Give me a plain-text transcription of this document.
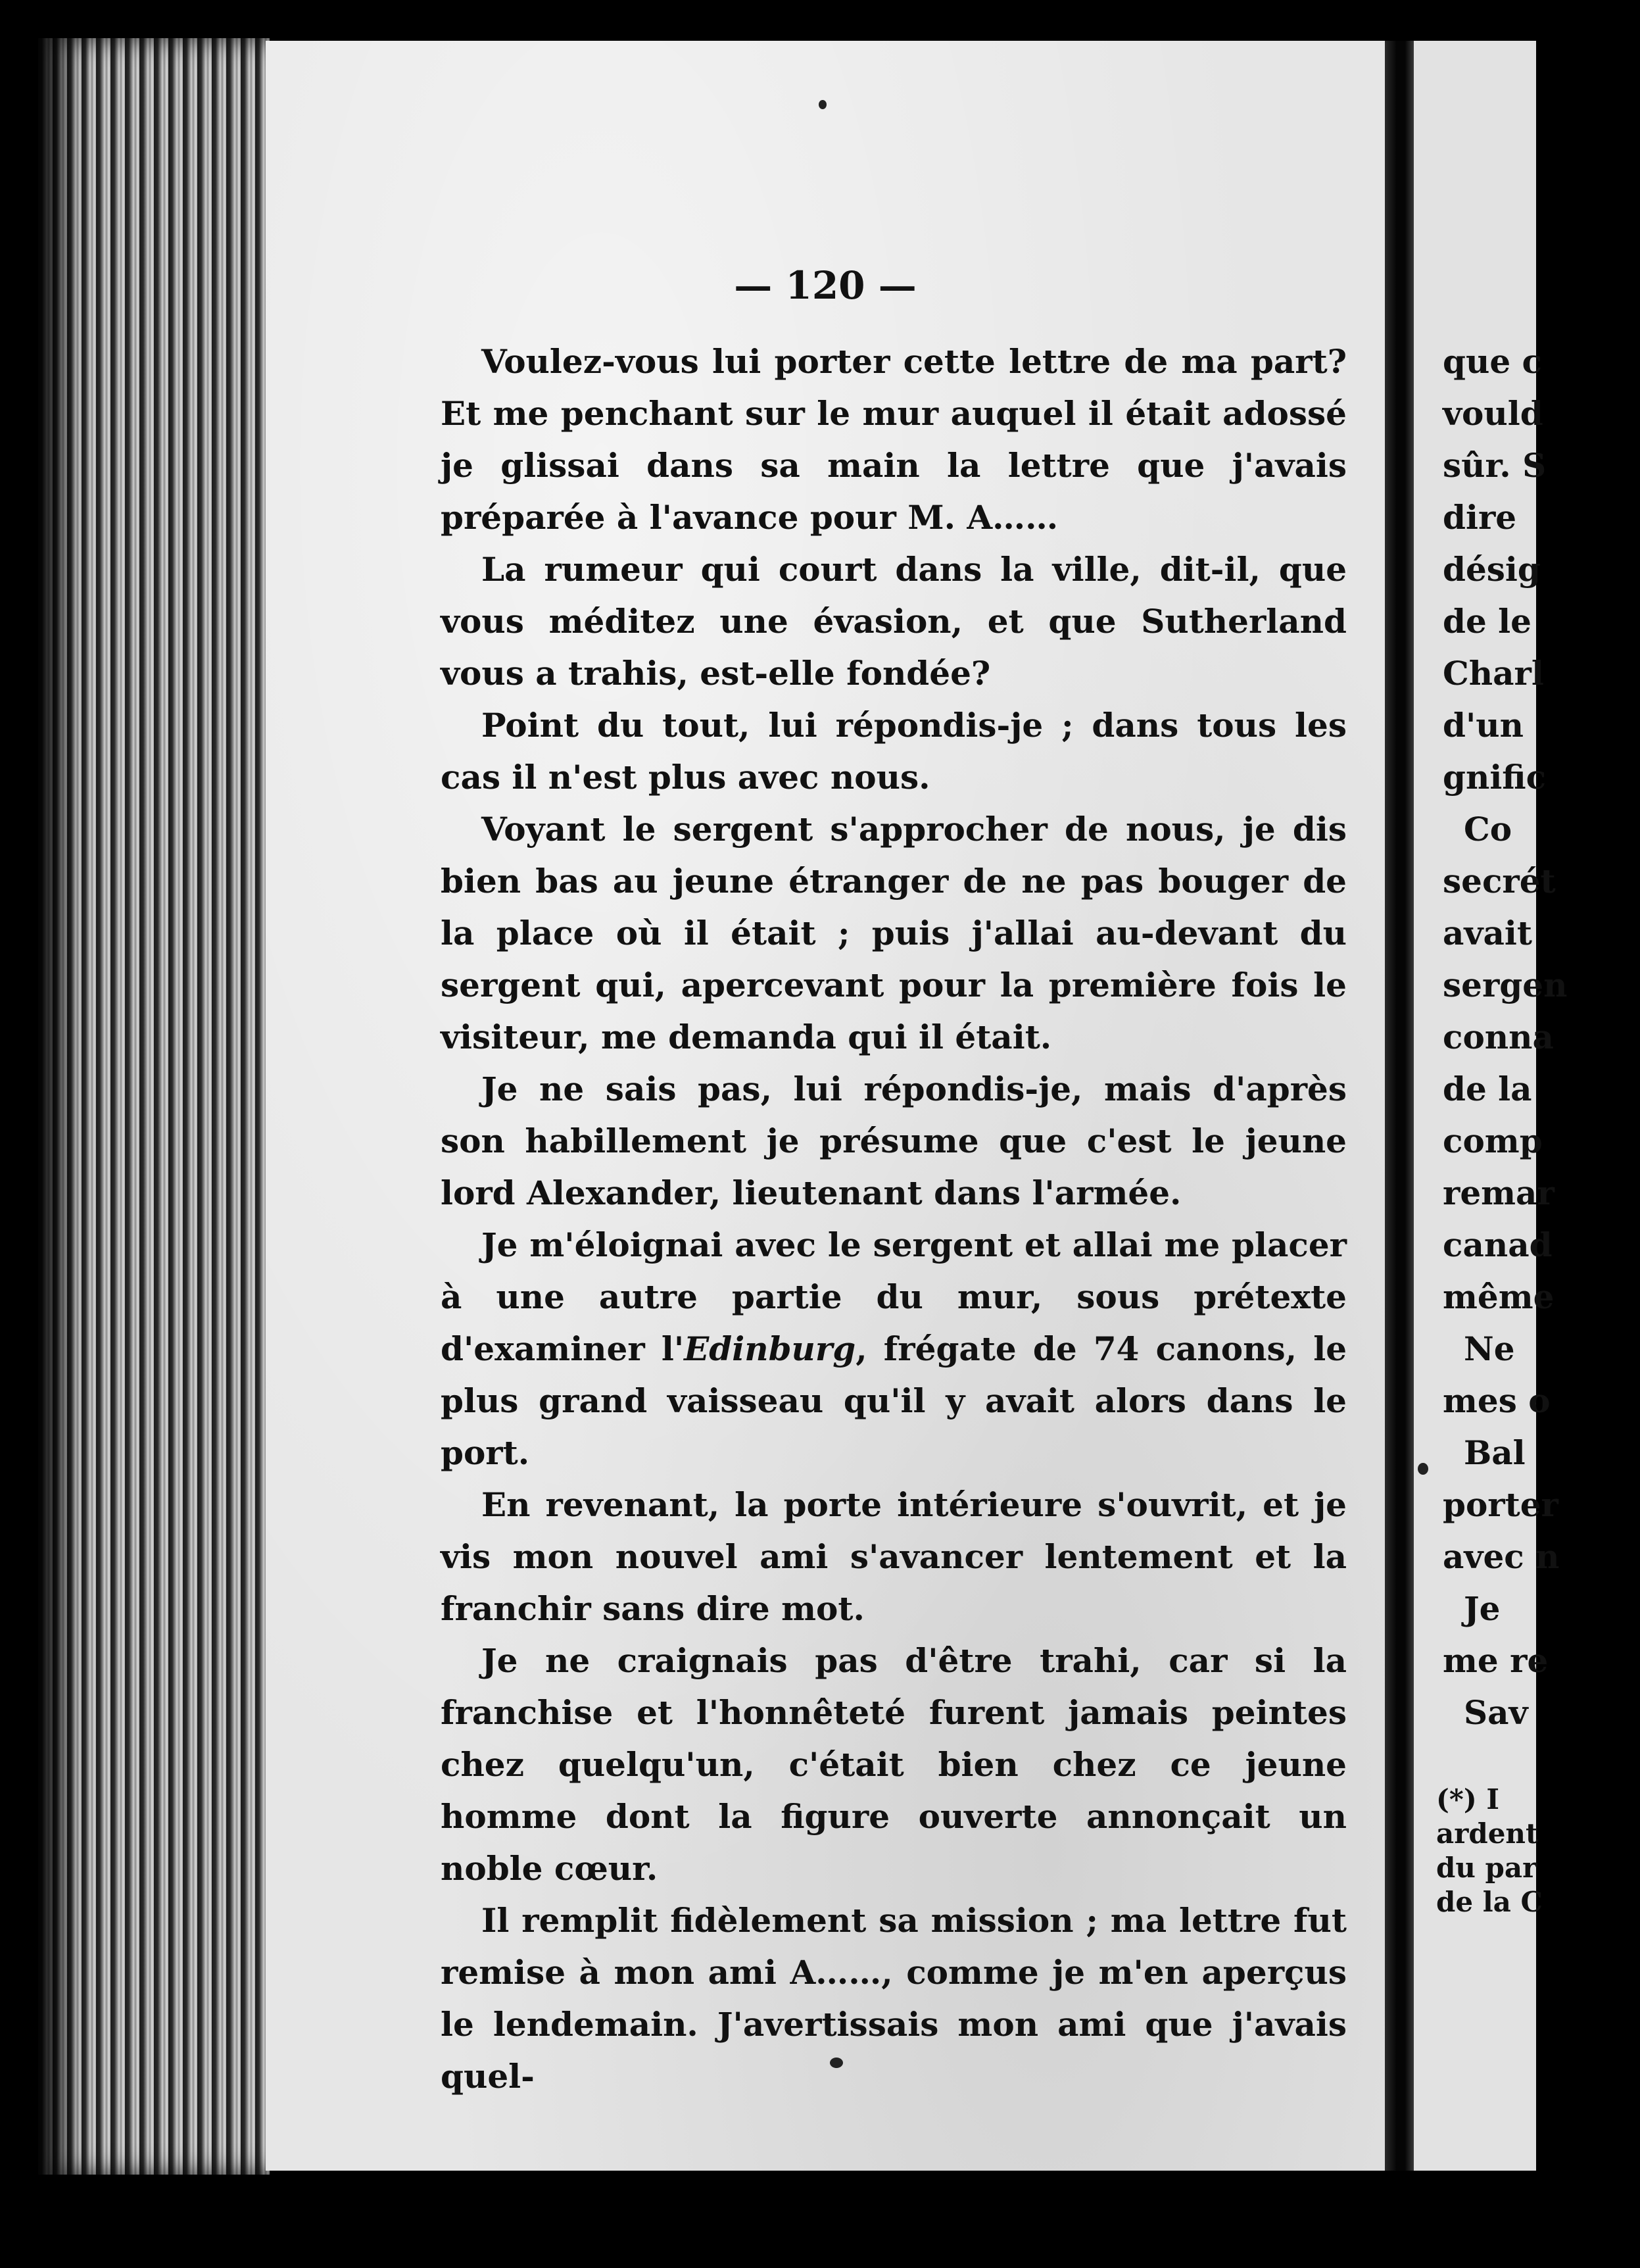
— 120 —

Voulez-vous lui porter cette lettre de ma part? Et me penchant sur le mur auquel il était adossé je glissai dans sa main la lettre que j'avais préparée à l'avance pour M. A……

La rumeur qui court dans la ville, dit-il, que vous méditez une évasion, et que Sutherland vous a trahis, est-elle fondée?

Point du tout, lui répondis-je ; dans tous les cas il n'est plus avec nous.

Voyant le sergent s'approcher de nous, je dis bien bas au jeune étranger de ne pas bouger de la place où il était ; puis j'allai au-devant du sergent qui, apercevant pour la première fois le visiteur, me demanda qui il était.

Je ne sais pas, lui répondis-je, mais d'après son habillement je présume que c'est le jeune lord Alexander, lieutenant dans l'armée.

Je m'éloignai avec le sergent et allai me placer à une autre partie du mur, sous prétexte d'examiner l'Edinburg, frégate de 74 canons, le plus grand vaisseau qu'il y avait alors dans le port.

En revenant, la porte intérieure s'ouvrit, et je vis mon nouvel ami s'avancer lentement et la franchir sans dire mot.

Je ne craignais pas d'être trahi, car si la franchise et l'honnêteté furent jamais peintes chez quelqu'un, c'était bien chez ce jeune homme dont la figure ouverte annonçait un noble cœur.

Il remplit fidèlement sa mission ; ma lettre fut remise à mon ami A……, comme je m'en aperçus le lendemain. J'avertissais mon ami que j'avais quel-

que c
vould
sûr. S
dire
désig
de le
Charl
d'un
gnific
Co
secrét
avait
sergen
conna
de la
comp
remar
canad
même
Ne
mes o
Bal
porter
avec n
Je
me re
Sav
(*) I
ardent
du par
de la C
